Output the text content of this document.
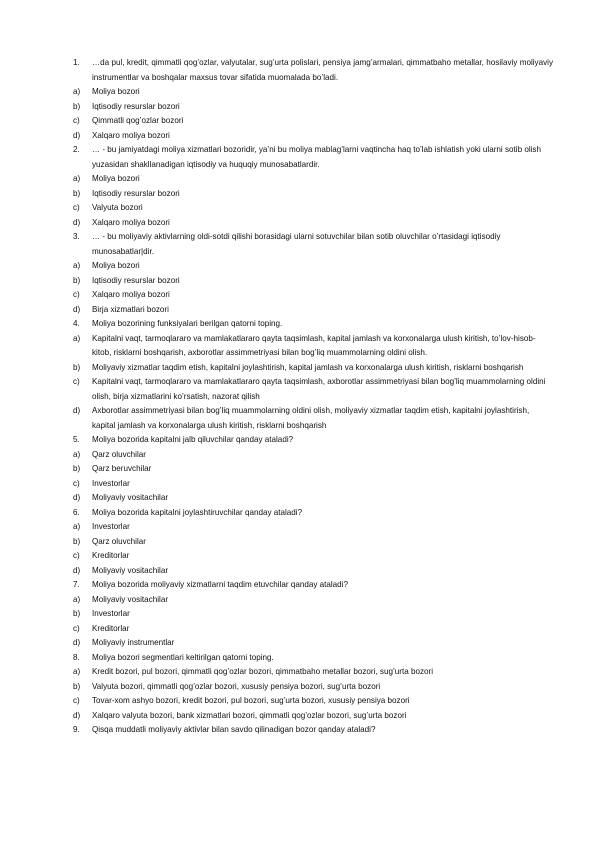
1.	…da pul, kredit, qimmatli qog’ozlar, valyutalar, sug’urta polislari, pensiya jamg’armalari, qimmatbaho metallar, hosilaviy moliyaviy instrumentlar va boshqalar maxsus tovar sifatida muomalada bo’ladi.
a)	Moliya bozori
b)	Iqtisodiy resurslar bozori
c)	Qimmatli qog’ozlar bozori
d)	Xalqaro moliya bozori
2.	… - bu jamiyatdagi moliya xizmatlari bozoridir, ya’ni bu moliya mablag’larni vaqtincha haq to’lab ishlatish yoki ularni sotib olish yuzasidan shakllanadigan iqtisodiy va huquqiy munosabatlardir.
a)	Moliya bozori
b)	Iqtisodiy resurslar bozori
c)	Valyuta bozori
d)	Xalqaro moliya bozori
3.	… - bu moliyaviy aktivlarning oldi-sotdi qilishi borasidagi ularni sotuvchilar bilan sotib oluvchilar o’rtasidagi iqtisodiy munosabatlar|dir.
a)	Moliya bozori
b)	Iqtisodiy resurslar bozori
c)	Xalqaro moliya bozori
d)	Birja xizmatlari bozori
4.	Moliya bozorining funksiyalari berilgan qatorni toping.
a)	Kapitalni vaqt, tarmoqlararo va mamlakatlararo qayta taqsimlash, kapital jamlash va korxonalarga ulush kiritish, to’lov-hisob-kitob, risklarni boshqarish, axborotlar assimmetriyasi bilan bog’liq muammolarning oldini olish.
b)	Moliyaviy xizmatlar taqdim etish, kapitalni joylashtirish, kapital jamlash va korxonalarga ulush kiritish, risklarni boshqarish
c)	Kapitalni vaqt, tarmoqlararo va mamlakatlararo qayta taqsimlash, axborotlar assimmetriyasi bilan bog’liq muammolarning oldini olish, birja xizmatlarini ko’rsatish, nazorat qilish
d)	Axborotlar assimmetriyasi bilan bog’liq muammolarning oldini olish, moliyaviy xizmatlar taqdim etish, kapitalni joylashtirish, kapital jamlash va korxonalarga ulush kiritish, risklarni boshqarish
5.	Moliya bozorida kapitalni jalb qiluvchilar qanday ataladi?
a)	Qarz oluvchilar
b)	Qarz beruvchilar
c)	Investorlar
d)	Moliyaviy vositachilar
6.	Moliya bozorida kapitalni joylashtiruvchilar qanday ataladi?
a)	Investorlar
b)	Qarz oluvchilar
c)	Kreditorlar
d)	Moliyaviy vositachilar
7.	Moliya bozorida moliyaviy xizmatlarni taqdim etuvchilar qanday ataladi?
a)	Moliyaviy vositachilar
b)	Investorlar
c)	Kreditorlar
d)	Moliyaviy instrumentlar
8.	Moliya bozori segmentlari keltirilgan qatorni toping.
a)	Kredit bozori, pul bozori, qimmatli qog’ozlar bozori, qimmatbaho metallar bozori, sug’urta bozori
b)	Valyuta bozori, qimmatli qog’ozlar bozori, xususiy pensiya bozori, sug’urta bozori
c)	Tovar-xom ashyo bozori, kredit bozori, pul bozori, sug’urta bozori, xususiy pensiya bozori
d)	Xalqaro valyuta bozori, bank xizmatlari bozori, qimmatli qog’ozlar bozori, sug’urta bozori
9.	Qisqa muddatli moliyaviy aktivlar bilan savdo qilinadigan bozor qanday ataladi?
